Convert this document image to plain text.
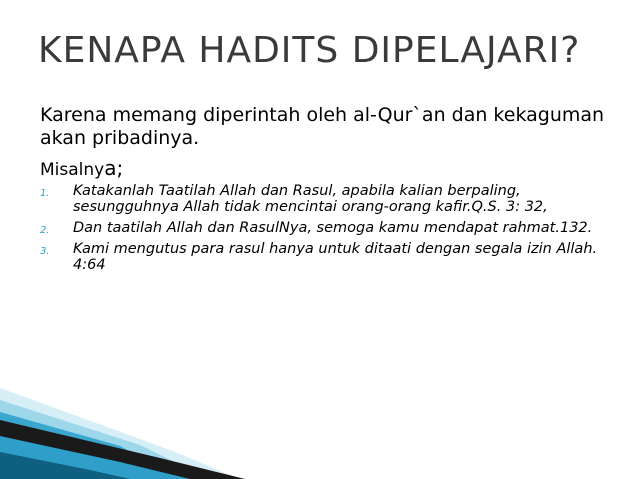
KENAPA HADITS DIPELAJARI?

Karena memang diperintah oleh al-Qur`an dan kekaguman akan pribadinya.

Misalnya;

1. Katakanlah Taatilah Allah dan Rasul, apabila kalian berpaling, sesungguhnya Allah tidak mencintai orang-orang kafir.Q.S. 3: 32,
2. Dan taatilah Allah dan RasulNya, semoga kamu mendapat rahmat.132.
3. Kami mengutus para rasul hanya untuk ditaati dengan segala izin Allah. 4:64
